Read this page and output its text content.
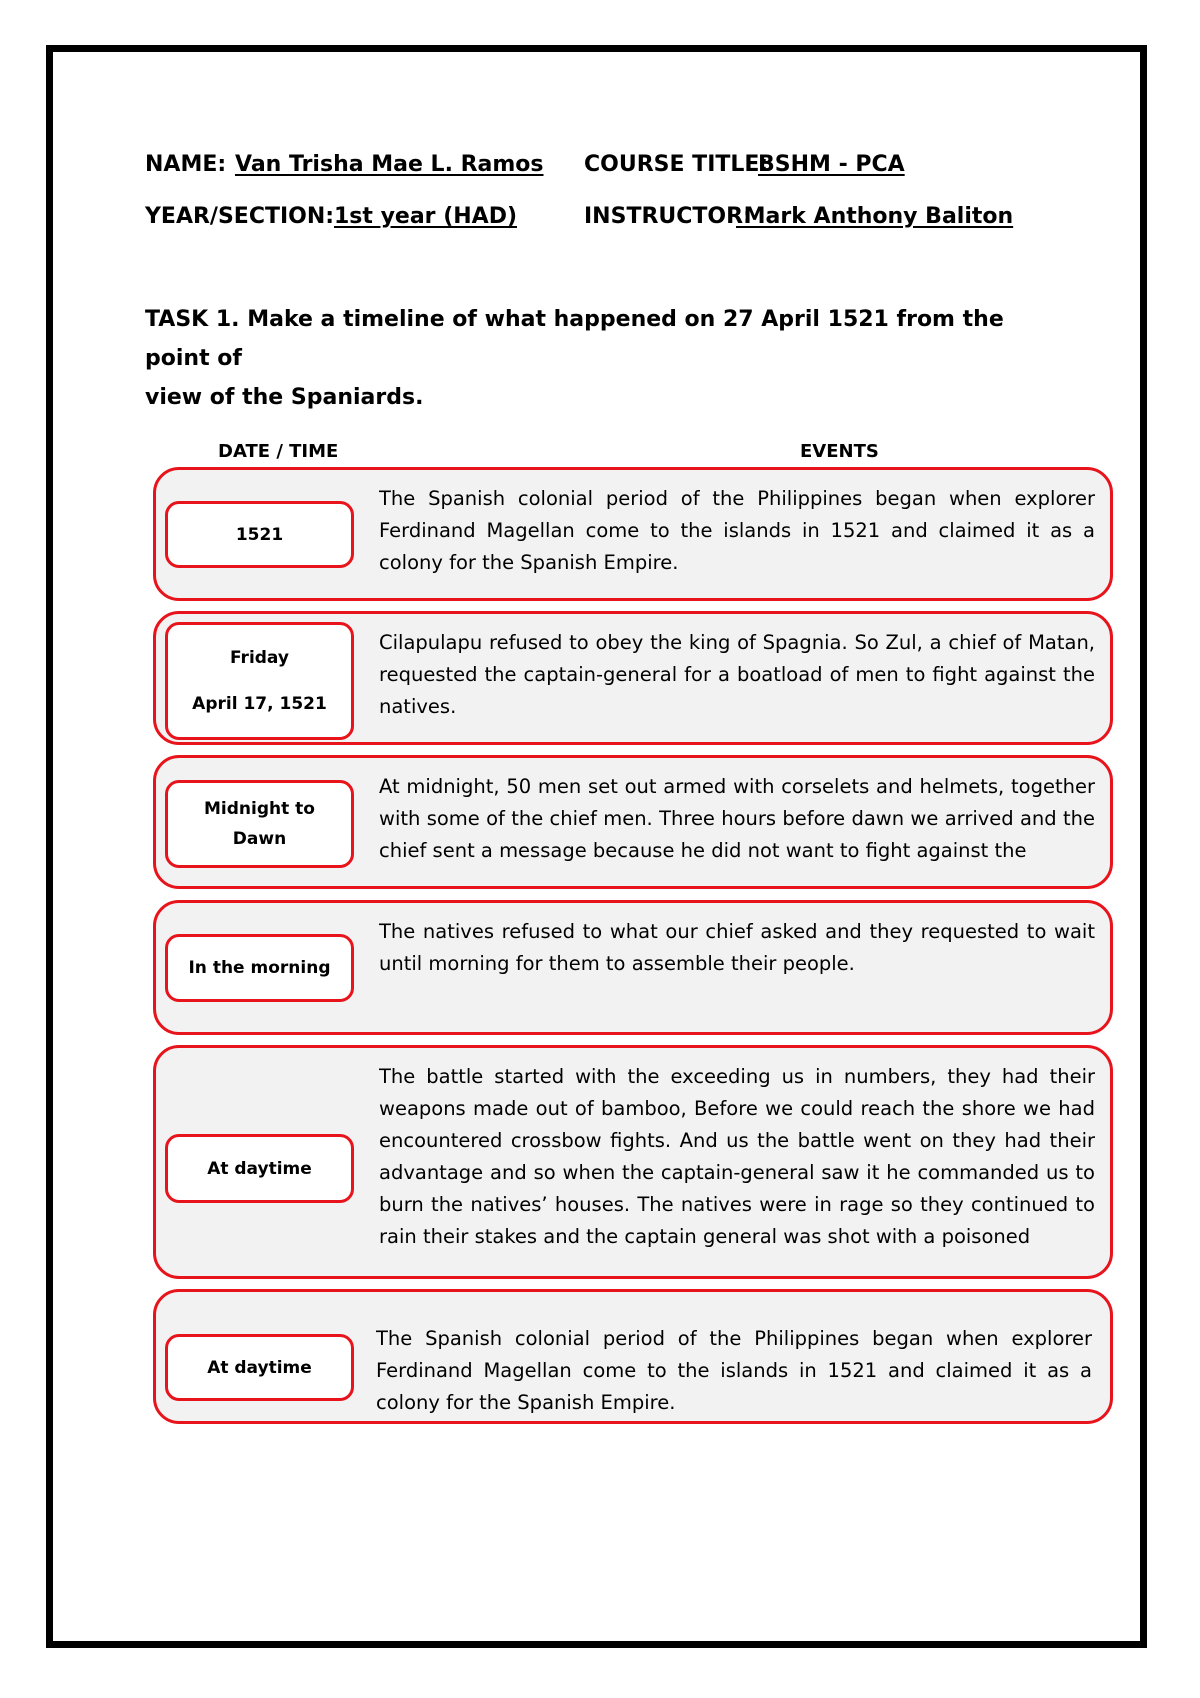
NAME: Van Trisha Mae L. Ramos COURSE TITLE:
BSHM - PCA
YEAR/SECTION: 1st year (HAD)	INSTRUCTOR:
Mark Anthony Baliton
TASK 1. Make a timeline of what happened on 27 April 1521 from the point of
view of the Spaniards.
DATE / TIME	EVENTS
1521
The Spanish colonial period of the Philippines began when explorer Ferdinand Magellan come to the islands in 1521 and claimed it as a colony for the Spanish Empire.
Friday
April 17, 1521
Cilapulapu refused to obey the king of Spagnia. So Zul, a chief of Matan, requested the captain-general for a boatload of men to fight against the natives.
Midnight to
Dawn
At midnight, 50 men set out armed with corselets and helmets, together with some of the chief men. Three hours before dawn we arrived and the chief sent a message because he did not want to fight against the
In the morning
The natives refused to what our chief asked and they requested to wait until morning for them to assemble their people.
At daytime
The battle started with the exceeding us in numbers, they had their weapons made out of bamboo, Before we could reach the shore we had encountered crossbow fights. And us the battle went on they had their advantage and so when the captain-general saw it he commanded us to burn the natives’ houses. The natives were in rage so they continued to rain their stakes and the captain general was shot with a poisoned
At daytime
The Spanish colonial period of the Philippines began when explorer Ferdinand Magellan come to the islands in 1521 and claimed it as a colony for the Spanish Empire.
